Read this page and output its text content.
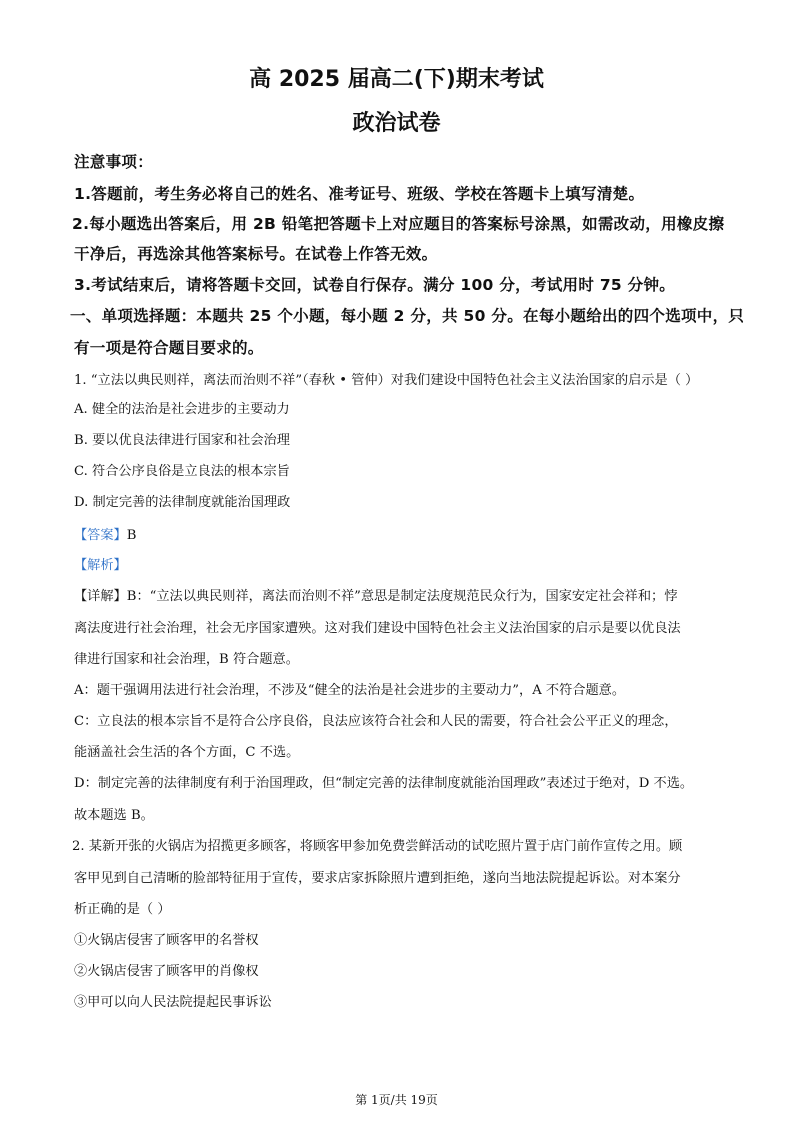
高 2025 届高二(下)期末考试
政治试卷
注意事项：
1.答题前，考生务必将自己的姓名、准考证号、班级、学校在答题卡上填写清楚。
2.每小题选出答案后，用 2B 铅笔把答题卡上对应题目的答案标号涂黑，如需改动，用橡皮擦
干净后，再选涂其他答案标号。在试卷上作答无效。
3.考试结束后，请将答题卡交回，试卷自行保存。满分 100 分，考试用时 75 分钟。
一、单项选择题：本题共 25 个小题，每小题 2 分，共 50 分。在每小题给出的四个选项中，只
有一项是符合题目要求的。
1. “立法以典民则祥，离法而治则不祥”（春秋 • 管仲）对我们建设中国特色社会主义法治国家的启示是（ ）
A. 健全的法治是社会进步的主要动力
B. 要以优良法律进行国家和社会治理
C. 符合公序良俗是立良法的根本宗旨
D. 制定完善的法律制度就能治国理政
【答案】B
【解析】
【详解】B：“立法以典民则祥，离法而治则不祥”意思是制定法度规范民众行为，国家安定社会祥和；悖
离法度进行社会治理，社会无序国家遭殃。这对我们建设中国特色社会主义法治国家的启示是要以优良法
律进行国家和社会治理，B 符合题意。
A：题干强调用法进行社会治理，不涉及“健全的法治是社会进步的主要动力”，A 不符合题意。
C：立良法的根本宗旨不是符合公序良俗，良法应该符合社会和人民的需要，符合社会公平正义的理念，
能涵盖社会生活的各个方面，C 不选。
D：制定完善的法律制度有利于治国理政，但“制定完善的法律制度就能治国理政”表述过于绝对，D 不选。
故本题选 B。
2. 某新开张的火锅店为招揽更多顾客，将顾客甲参加免费尝鲜活动的试吃照片置于店门前作宣传之用。顾
客甲见到自己清晰的脸部特征用于宣传，要求店家拆除照片遭到拒绝，遂向当地法院提起诉讼。对本案分
析正确的是（ ）
①火锅店侵害了顾客甲的名誉权
②火锅店侵害了顾客甲的肖像权
③甲可以向人民法院提起民事诉讼
第 1页/共 19页
